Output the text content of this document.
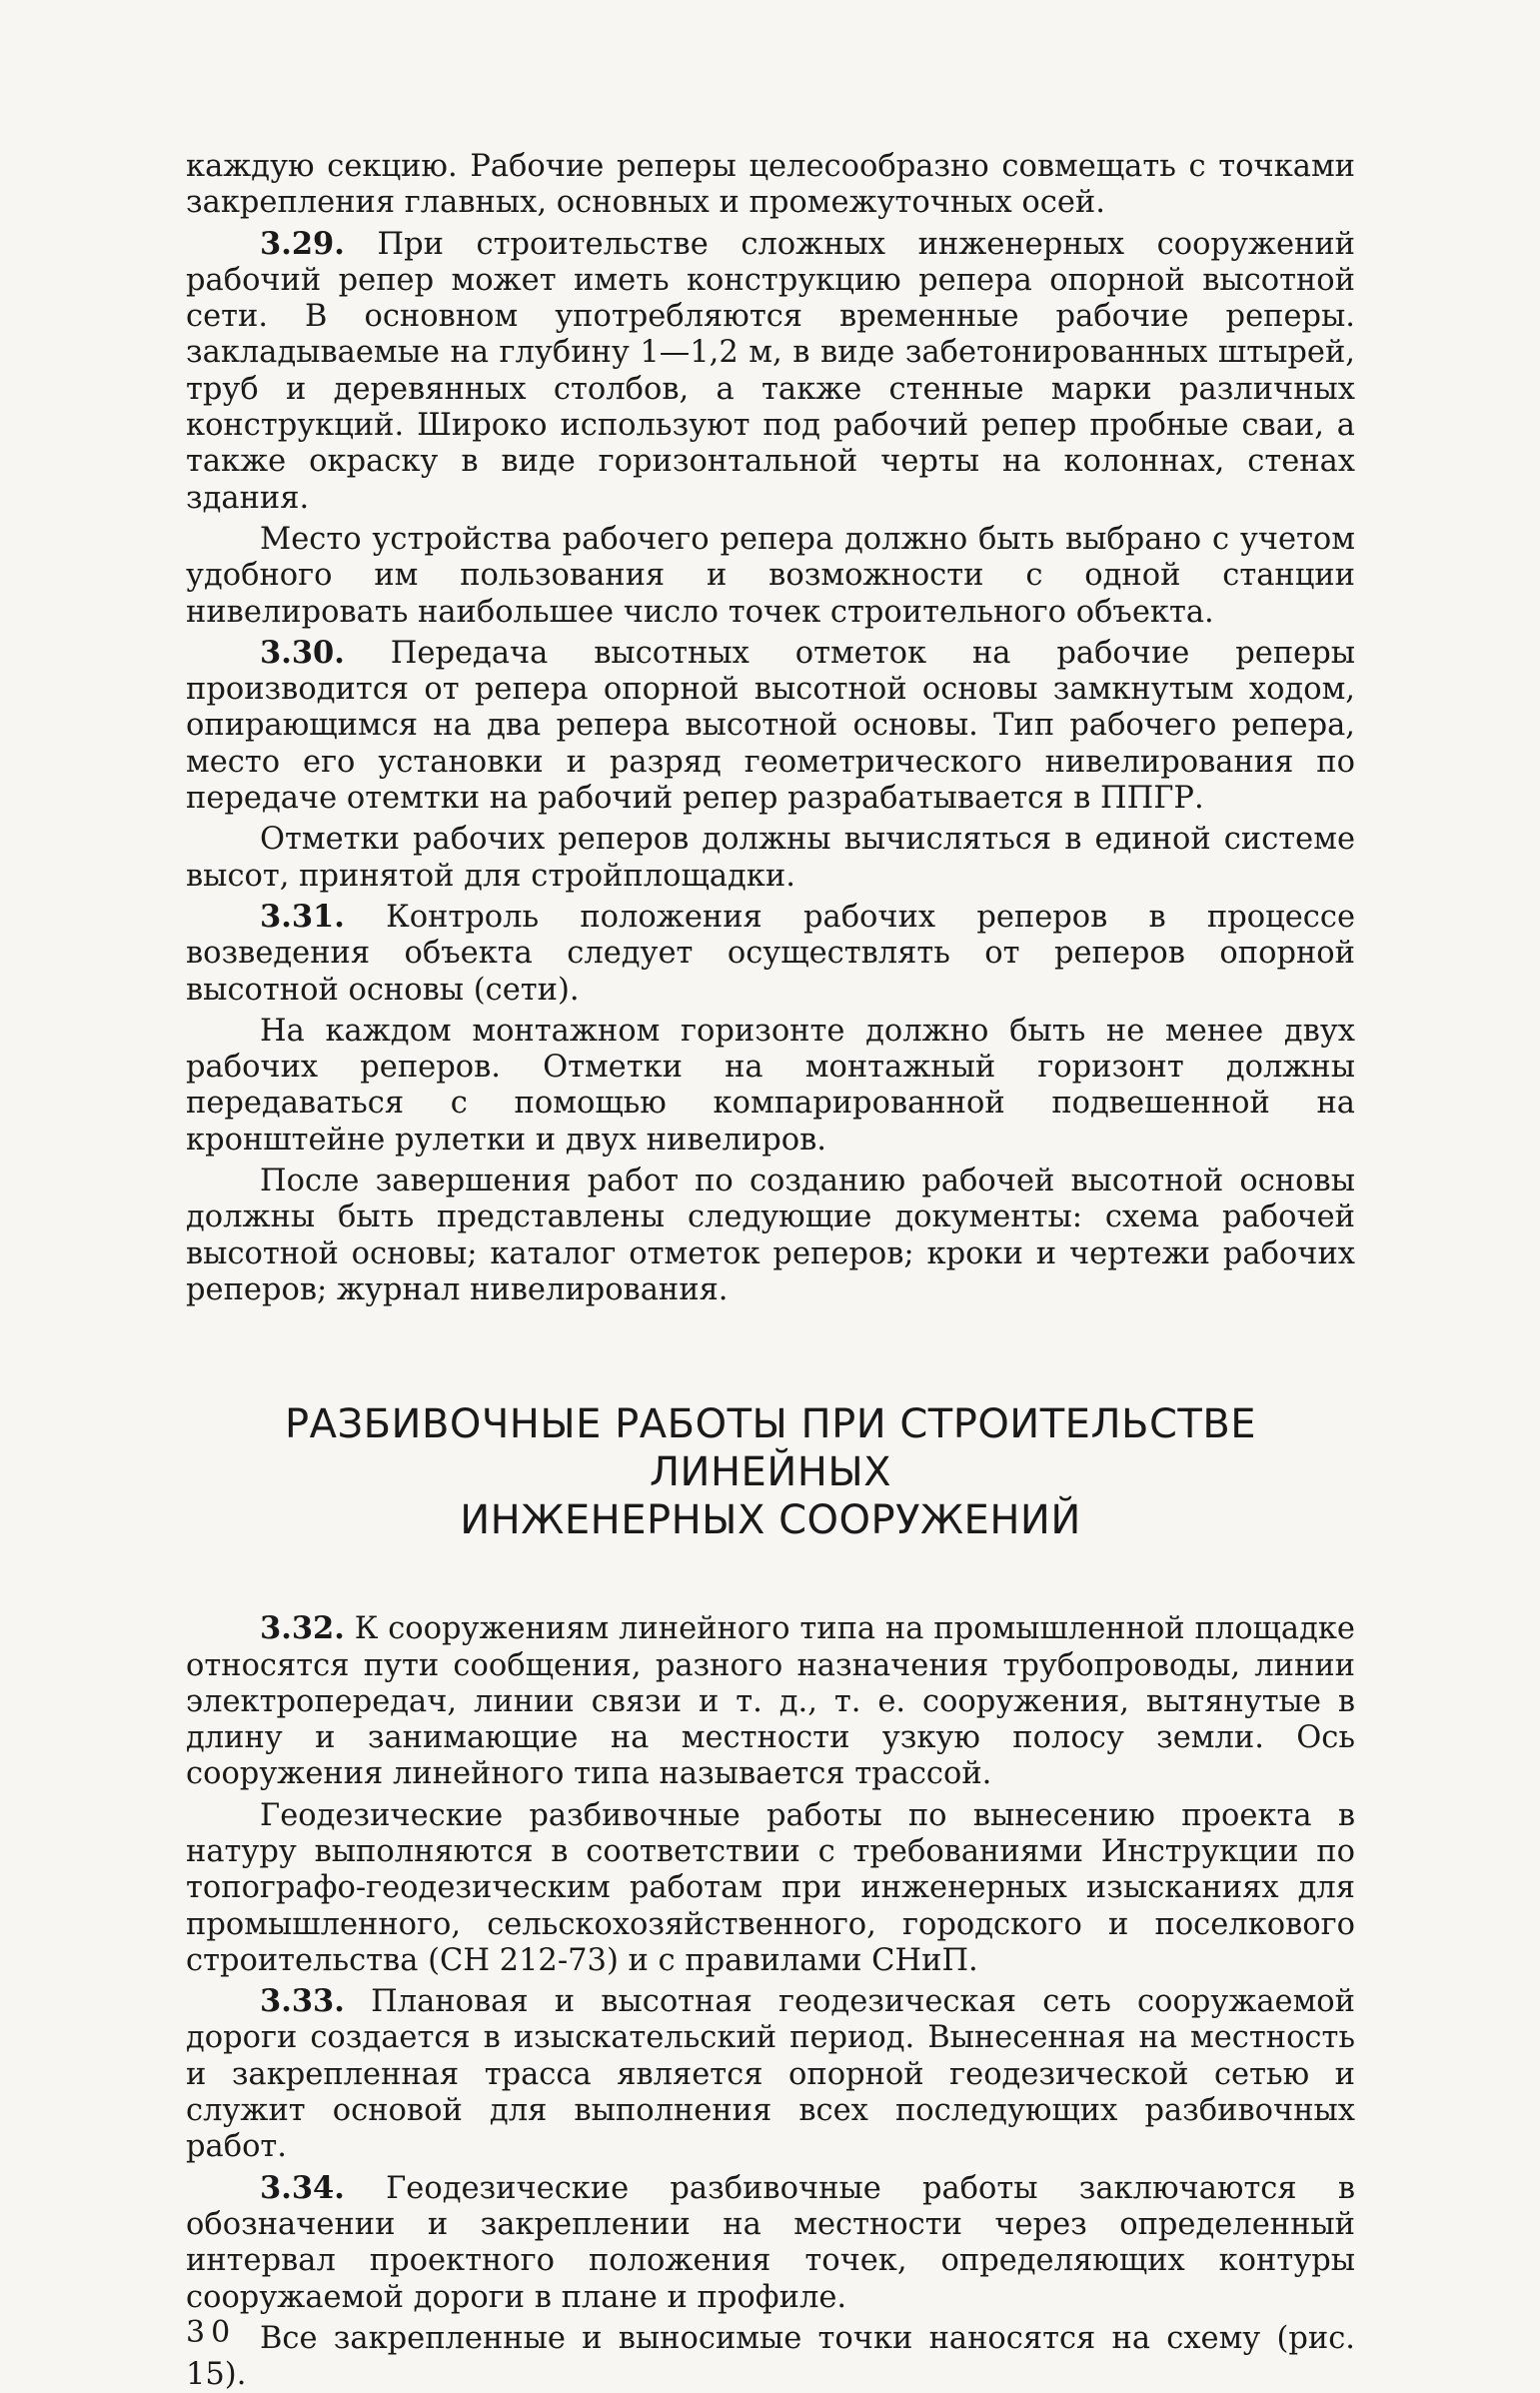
каждую секцию. Рабочие реперы целесообразно совмещать с точками закрепления главных, основных и промежуточных осей.

3.29. При строительстве сложных инженерных сооружений рабочий репер может иметь конструкцию репера опорной высотной сети. В основном употребляются временные рабочие реперы. закладываемые на глубину 1—1,2 м, в виде забетонированных штырей, труб и деревянных столбов, а также стенные марки различных конструкций. Широко используют под рабочий репер пробные сваи, а также окраску в виде горизонтальной черты на колоннах, стенах здания.

Место устройства рабочего репера должно быть выбрано с учетом удобного им пользования и возможности с одной станции нивелировать наибольшее число точек строительного объекта.

3.30. Передача высотных отметок на рабочие реперы производится от репера опорной высотной основы замкнутым ходом, опирающимся на два репера высотной основы. Тип рабочего репера, место его установки и разряд геометрического нивелирования по передаче отемтки на рабочий репер разрабатывается в ППГР.

Отметки рабочих реперов должны вычисляться в единой системе высот, принятой для стройплощадки.

3.31. Контроль положения рабочих реперов в процессе возведения объекта следует осуществлять от реперов опорной высотной основы (сети).

На каждом монтажном горизонте должно быть не менее двух рабочих реперов. Отметки на монтажный горизонт должны передаваться с помощью компарированной подвешенной на кронштейне рулетки и двух нивелиров.

После завершения работ по созданию рабочей высотной основы должны быть представлены следующие документы: схема рабочей высотной основы; каталог отметок реперов; кроки и чертежи рабочих реперов; журнал нивелирования.

РАЗБИВОЧНЫЕ РАБОТЫ ПРИ СТРОИТЕЛЬСТВЕ ЛИНЕЙНЫХ
ИНЖЕНЕРНЫХ СООРУЖЕНИЙ

3.32. К сооружениям линейного типа на промышленной площадке относятся пути сообщения, разного назначения трубопроводы, линии электропередач, линии связи и т. д., т. е. сооружения, вытянутые в длину и занимающие на местности узкую полосу земли. Ось сооружения линейного типа называется трассой.

Геодезические разбивочные работы по вынесению проекта в натуру выполняются в соответствии с требованиями Инструкции по топографо-геодезическим работам при инженерных изысканиях для промышленного, сельскохозяйственного, городского и поселкового строительства (СН 212-73) и с правилами СНиП.

3.33. Плановая и высотная геодезическая сеть сооружаемой дороги создается в изыскательский период. Вынесенная на местность и закрепленная трасса является опорной геодезической сетью и служит основой для выполнения всех последующих разбивочных работ.

3.34. Геодезические разбивочные работы заключаются в обозначении и закреплении на местности через определенный интервал проектного положения точек, определяющих контуры сооружаемой дороги в плане и профиле.

Все закрепленные и выносимые точки наносятся на схему (рис. 15).

30
